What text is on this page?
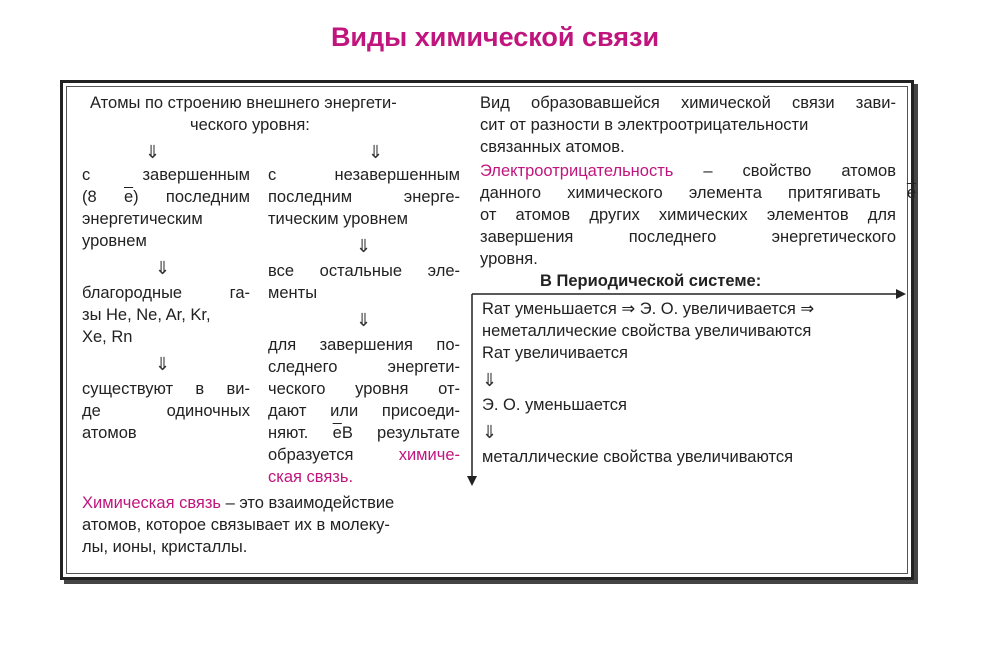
Виды химической связи
Атомы по строению внешнего энергети-
ческого уровня:
⇓	⇓
с завершенным
(8 $\overline{e}$) последним
энергетическим
уровнем
⇓
благородные га-
зы He, Ne, Ar, Kr,
Xe, Rn
⇓
существуют в ви-
де одиночных
атомов
с незавершенным
последним энерге-
тическим уровнем
⇓
все остальные эле-
менты
⇓
для завершения по-
следнего энергети-
ческого уровня от-
дают или присоеди-
няют. $\overline{e}В$ результате
образуется	химиче-
ская связь.
Химическая связь – это взаимодействие
атомов, которое связывает их в молеку-
лы, ионы, кристаллы.
Вид образовавшейся химической связи зави-
сит от разности в электроотрицательности
связанных атомов.
Электроотрицательность – свойство атомов
данного химического элемента притягивать $\overline{e}$
от атомов других химических элементов для
завершения последнего энергетического
уровня.
В Периодической системе:
Rат уменьшается ⇒ Э. О. увеличивается ⇒
неметаллические свойства увеличиваются
Rат увеличивается
⇓
Э. О. уменьшается
⇓
металлические свойства увеличиваются
